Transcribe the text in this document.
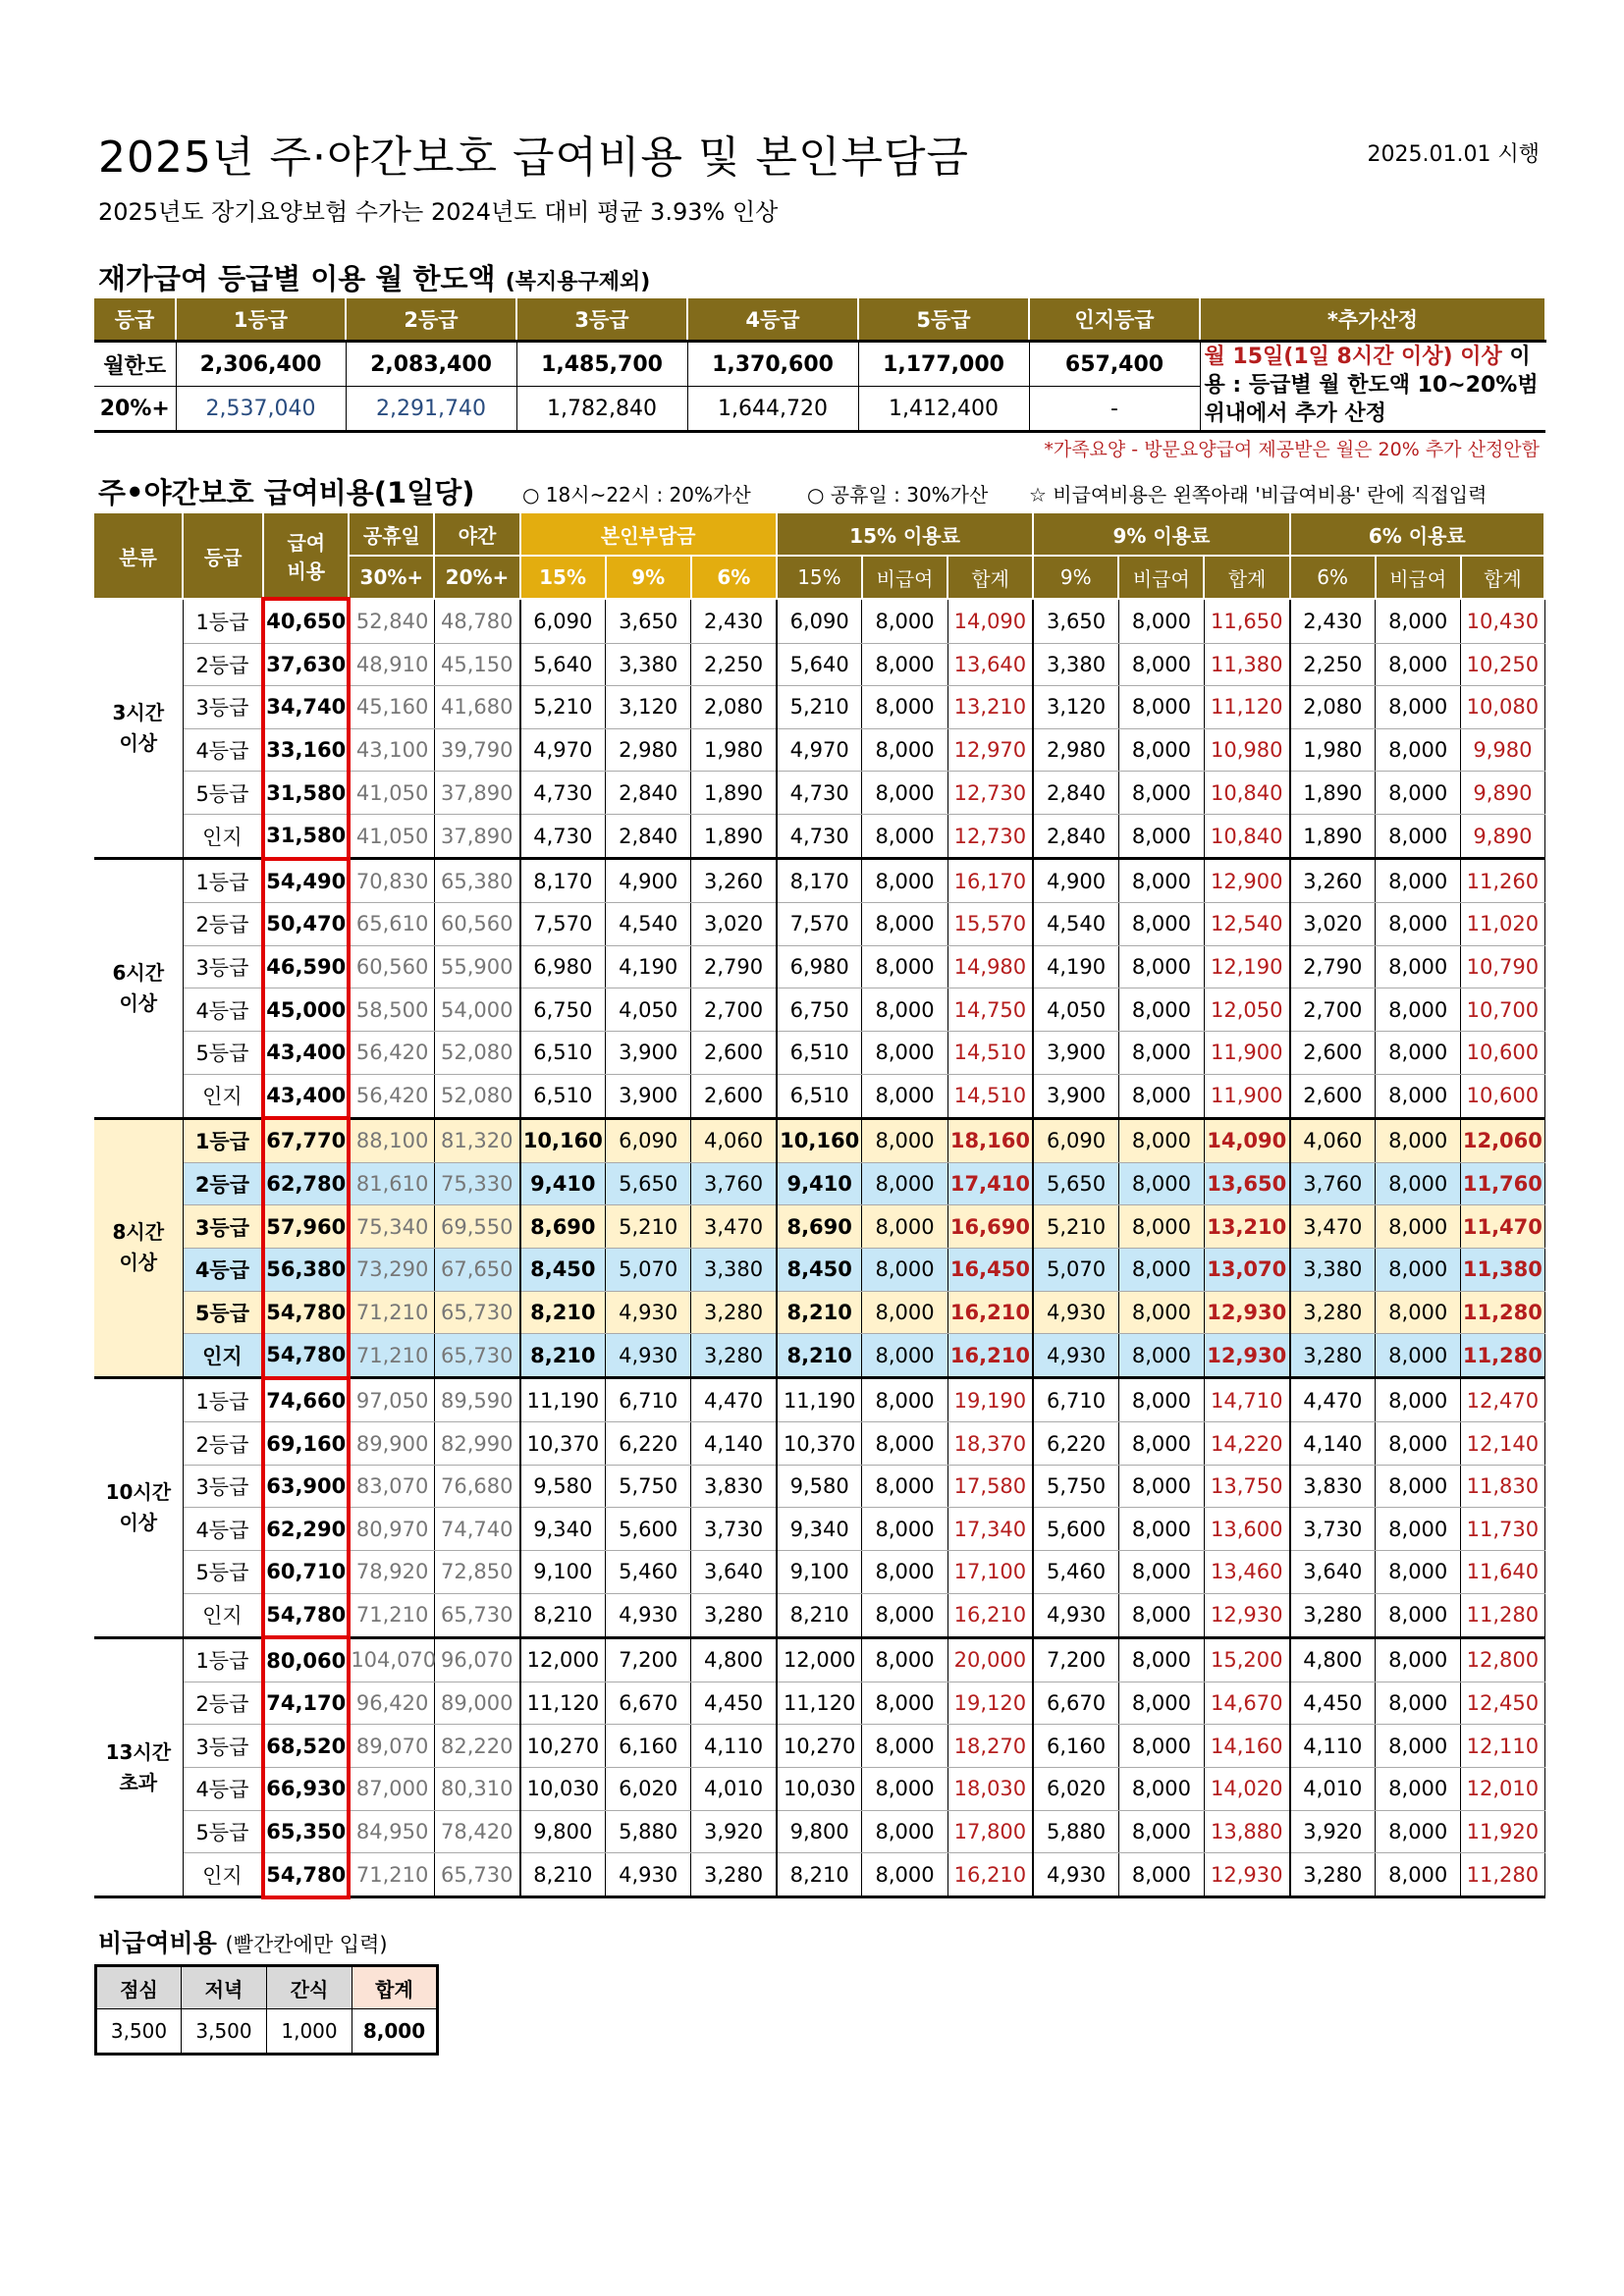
2025년 주·야간보호 급여비용 및 본인부담금	2025.01.01 시행
2025년도 장기요양보험 수가는 2024년도 대비 평균 3.93% 인상
재가급여 등급별 이용 월 한도액 (복지용구제외)
등급	1등급	2등급	3등급	4등급	5등급	인지등급	*추가산정
월한도	2,306,400	2,083,400	1,485,700	1,370,600	1,177,000	657,400	월 15일(1일 8시간 이상) 이상 이용 : 등급별 월 한도액 10~20%범위내에서 추가 산정
20%+	2,537,040	2,291,740	1,782,840	1,644,720	1,412,400	-	
*가족요양 - 방문요양급여 제공받은 월은 20% 추가 산정안함
주•야간보호 급여비용(1일당) ○ 18시~22시 : 20%가산	○ 공휴일 : 30%가산 ☆ 비급여비용은 왼쪽아래 '비급여비용' 란에 직접입력
분류	등급	급여
비용	공휴일	야간	본인부담금			15% 이용료			9% 이용료			6% 이용료		
			30%+	20%+	15%	9%	6%	15%	비급여	합계	9%	비급여	합계	6%	비급여	합계
3시간
이상	1등급	40,650	52,840	48,780	6,090	3,650	2,430	6,090	8,000	14,090	3,650	8,000	11,650	2,430	8,000	10,430
	2등급	37,630	48,910	45,150	5,640	3,380	2,250	5,640	8,000	13,640	3,380	8,000	11,380	2,250	8,000	10,250
	3등급	34,740	45,160	41,680	5,210	3,120	2,080	5,210	8,000	13,210	3,120	8,000	11,120	2,080	8,000	10,080
	4등급	33,160	43,100	39,790	4,970	2,980	1,980	4,970	8,000	12,970	2,980	8,000	10,980	1,980	8,000	9,980
	5등급	31,580	41,050	37,890	4,730	2,840	1,890	4,730	8,000	12,730	2,840	8,000	10,840	1,890	8,000	9,890
	인지	31,580	41,050	37,890	4,730	2,840	1,890	4,730	8,000	12,730	2,840	8,000	10,840	1,890	8,000	9,890
6시간
이상	1등급	54,490	70,830	65,380	8,170	4,900	3,260	8,170	8,000	16,170	4,900	8,000	12,900	3,260	8,000	11,260
	2등급	50,470	65,610	60,560	7,570	4,540	3,020	7,570	8,000	15,570	4,540	8,000	12,540	3,020	8,000	11,020
	3등급	46,590	60,560	55,900	6,980	4,190	2,790	6,980	8,000	14,980	4,190	8,000	12,190	2,790	8,000	10,790
	4등급	45,000	58,500	54,000	6,750	4,050	2,700	6,750	8,000	14,750	4,050	8,000	12,050	2,700	8,000	10,700
	5등급	43,400	56,420	52,080	6,510	3,900	2,600	6,510	8,000	14,510	3,900	8,000	11,900	2,600	8,000	10,600
	인지	43,400	56,420	52,080	6,510	3,900	2,600	6,510	8,000	14,510	3,900	8,000	11,900	2,600	8,000	10,600
8시간
이상	1등급	67,770	88,100	81,320	10,160	6,090	4,060	10,160	8,000	18,160	6,090	8,000	14,090	4,060	8,000	12,060
	2등급	62,780	81,610	75,330	9,410	5,650	3,760	9,410	8,000	17,410	5,650	8,000	13,650	3,760	8,000	11,760
	3등급	57,960	75,340	69,550	8,690	5,210	3,470	8,690	8,000	16,690	5,210	8,000	13,210	3,470	8,000	11,470
	4등급	56,380	73,290	67,650	8,450	5,070	3,380	8,450	8,000	16,450	5,070	8,000	13,070	3,380	8,000	11,380
	5등급	54,780	71,210	65,730	8,210	4,930	3,280	8,210	8,000	16,210	4,930	8,000	12,930	3,280	8,000	11,280
	인지	54,780	71,210	65,730	8,210	4,930	3,280	8,210	8,000	16,210	4,930	8,000	12,930	3,280	8,000	11,280
10시간
이상	1등급	74,660	97,050	89,590	11,190	6,710	4,470	11,190	8,000	19,190	6,710	8,000	14,710	4,470	8,000	12,470
	2등급	69,160	89,900	82,990	10,370	6,220	4,140	10,370	8,000	18,370	6,220	8,000	14,220	4,140	8,000	12,140
	3등급	63,900	83,070	76,680	9,580	5,750	3,830	9,580	8,000	17,580	5,750	8,000	13,750	3,830	8,000	11,830
	4등급	62,290	80,970	74,740	9,340	5,600	3,730	9,340	8,000	17,340	5,600	8,000	13,600	3,730	8,000	11,730
	5등급	60,710	78,920	72,850	9,100	5,460	3,640	9,100	8,000	17,100	5,460	8,000	13,460	3,640	8,000	11,640
	인지	54,780	71,210	65,730	8,210	4,930	3,280	8,210	8,000	16,210	4,930	8,000	12,930	3,280	8,000	11,280
13시간
초과	1등급	80,060	104,070	96,070	12,000	7,200	4,800	12,000	8,000	20,000	7,200	8,000	15,200	4,800	8,000	12,800
	2등급	74,170	96,420	89,000	11,120	6,670	4,450	11,120	8,000	19,120	6,670	8,000	14,670	4,450	8,000	12,450
	3등급	68,520	89,070	82,220	10,270	6,160	4,110	10,270	8,000	18,270	6,160	8,000	14,160	4,110	8,000	12,110
	4등급	66,930	87,000	80,310	10,030	6,020	4,010	10,030	8,000	18,030	6,020	8,000	14,020	4,010	8,000	12,010
	5등급	65,350	84,950	78,420	9,800	5,880	3,920	9,800	8,000	17,800	5,880	8,000	13,880	3,920	8,000	11,920
	인지	54,780	71,210	65,730	8,210	4,930	3,280	8,210	8,000	16,210	4,930	8,000	12,930	3,280	8,000	11,280
비급여비용 (빨간칸에만 입력)
점심	저녁	간식	합계
3,500	3,500	1,000	8,000
